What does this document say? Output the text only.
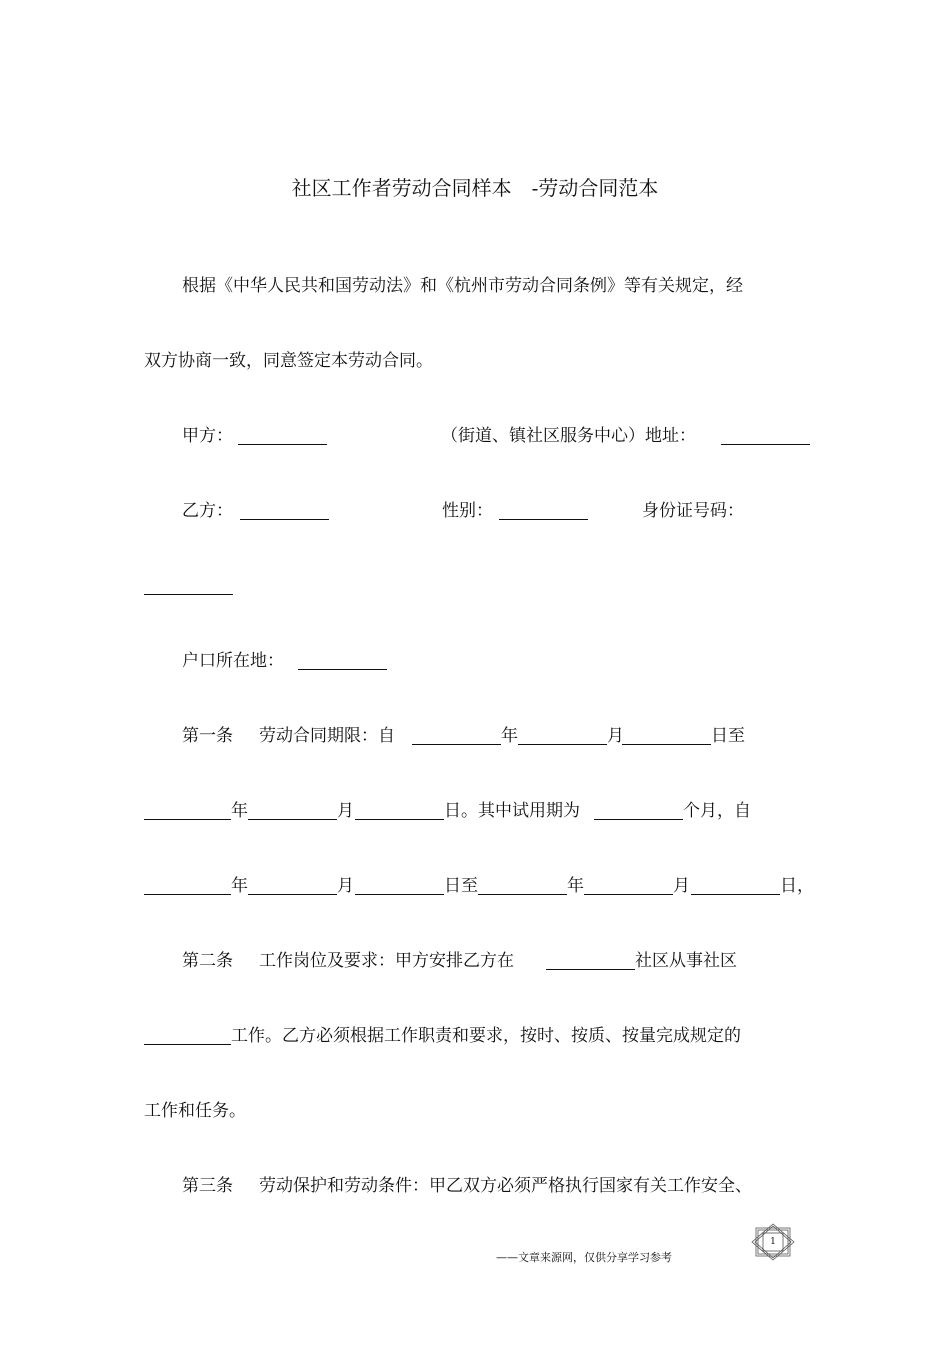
社区工作者劳动合同样本　-劳动合同范本
根据《中华人民共和国劳动法》和《杭州市劳动合同条例》等有关规定，经
双方协商一致，同意签定本劳动合同。
甲方：	（街道、镇社区服务中心）地址：
乙方：	性别：	身份证号码：
户口所在地：
第一条 劳动合同期限：自	年	月	日至
年	月	日。其中试用期为	个月，自
年	月	日至	年	月	日，
第二条 工作岗位及要求：甲方安排乙方在	社区从事社区
工作。乙方必须根据工作职责和要求，按时、按质、按量完成规定的
工作和任务。
第三条 劳动保护和劳动条件：甲乙双方必须严格执行国家有关工作安全、
——文章来源网，仅供分享学习参考
1
